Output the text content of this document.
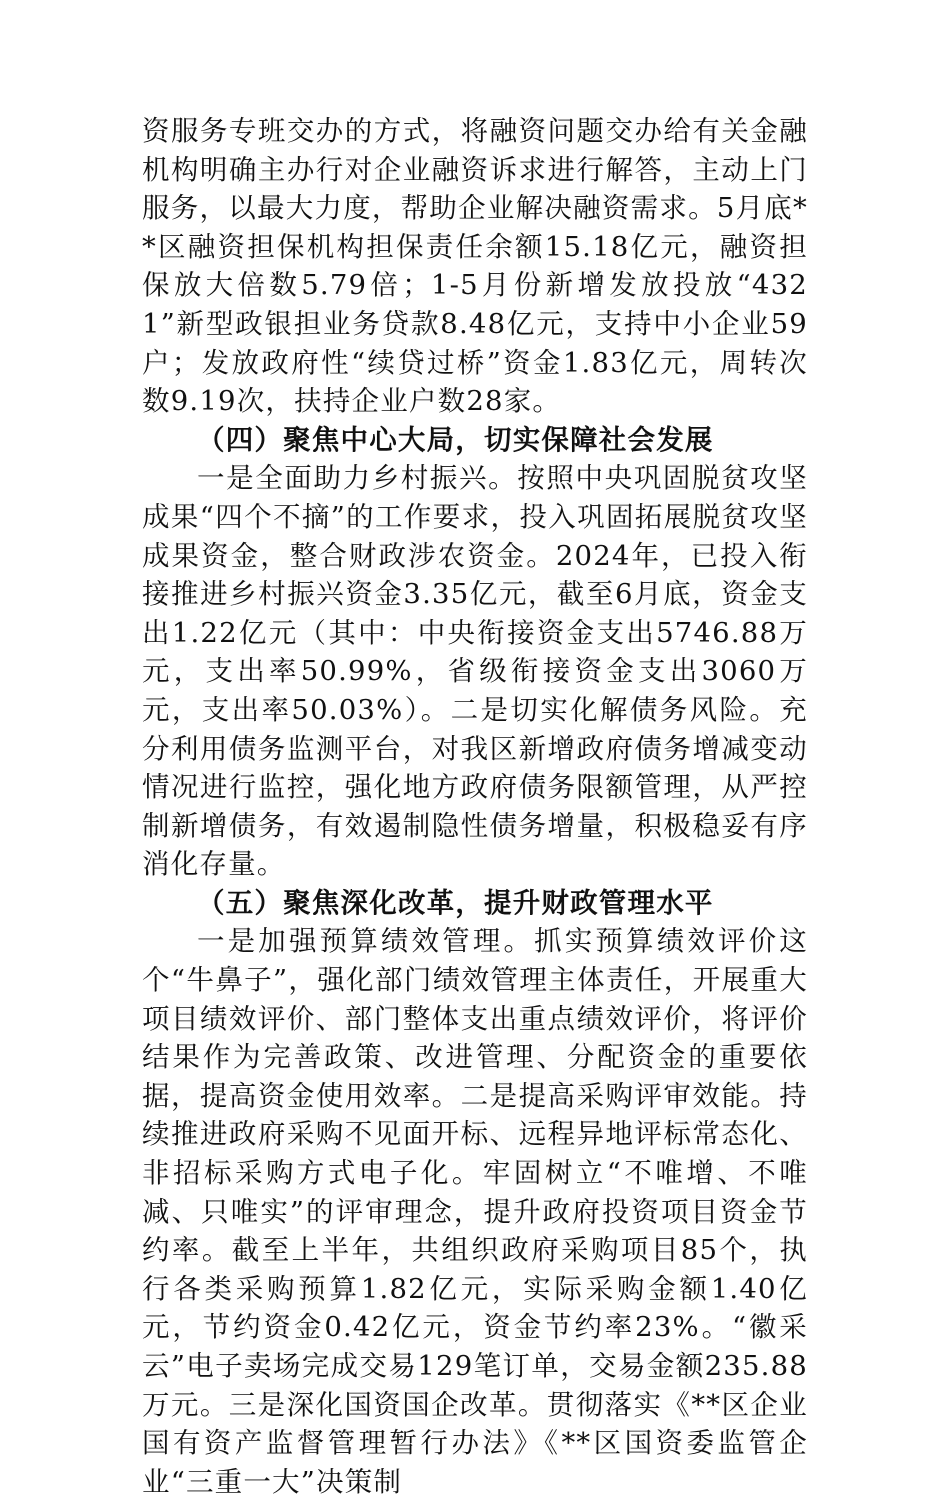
资服务专班交办的方式，将融资问题交办给有关金融机构明确主办行对企业融资诉求进行解答，主动上门服务，以最大力度，帮助企业解决融资需求。5月底**区融资担保机构担保责任余额15.18亿元，融资担保放大倍数5.79倍；1-5月份新增发放投放“4321”新型政银担业务贷款8.48亿元，支持中小企业59户；发放政府性“续贷过桥”资金1.83亿元，周转次数9.19次，扶持企业户数28家。

（四）聚焦中心大局，切实保障社会发展

一是全面助力乡村振兴。按照中央巩固脱贫攻坚成果“四个不摘”的工作要求，投入巩固拓展脱贫攻坚成果资金，整合财政涉农资金。2024年，已投入衔接推进乡村振兴资金3.35亿元，截至6月底，资金支出1.22亿元（其中：中央衔接资金支出5746.88万元，支出率50.99%，省级衔接资金支出3060万元，支出率50.03%）。二是切实化解债务风险。充分利用债务监测平台，对我区新增政府债务增减变动情况进行监控，强化地方政府债务限额管理，从严控制新增债务，有效遏制隐性债务增量，积极稳妥有序消化存量。

（五）聚焦深化改革，提升财政管理水平

一是加强预算绩效管理。抓实预算绩效评价这个“牛鼻子”，强化部门绩效管理主体责任，开展重大项目绩效评价、部门整体支出重点绩效评价，将评价结果作为完善政策、改进管理、分配资金的重要依据，提高资金使用效率。二是提高采购评审效能。持续推进政府采购不见面开标、远程异地评标常态化、非招标采购方式电子化。牢固树立“不唯增、不唯减、只唯实”的评审理念，提升政府投资项目资金节约率。截至上半年，共组织政府采购项目85个，执行各类采购预算1.82亿元，实际采购金额1.40亿元，节约资金0.42亿元，资金节约率23%。“徽采云”电子卖场完成交易129笔订单，交易金额235.88万元。三是深化国资国企改革。贯彻落实《**区企业国有资产监督管理暂行办法》《**区国资委监管企业“三重一大”决策制
